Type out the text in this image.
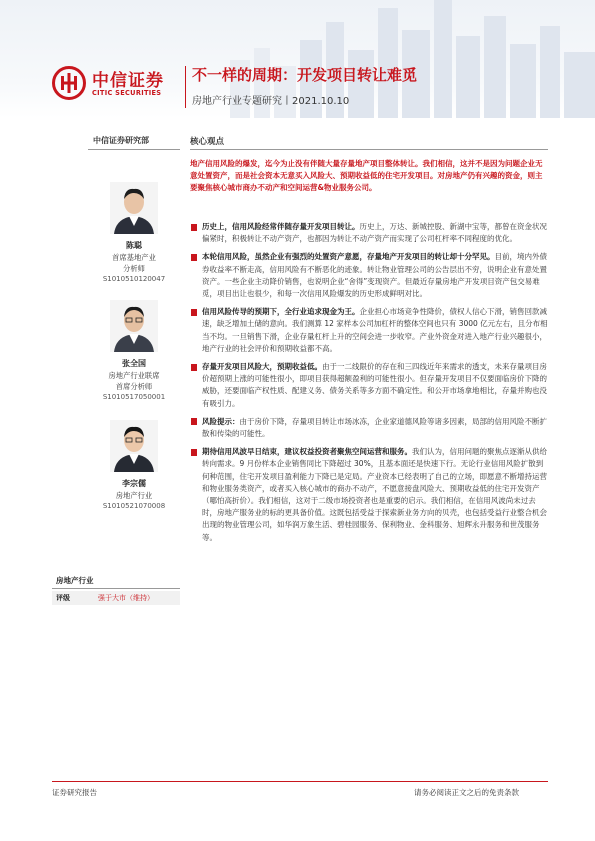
中信证券
CITIC SECURITIES
不一样的周期：开发项目转让难觅
房地产行业专题研究丨2021.10.10
中信证券研究部
陈聪
首席基地产业
分析师
S1010510120047
张全国
房地产行业联席
首席分析师
S1010517050001
李宗儒
房地产行业
S1010521070008
房地产行业
评级	强于大市（维持）
核心观点
地产信用风险的爆发，迄今为止没有伴随大量存量地产项目整体转让。我们相信，这并不是因为问题企业无意处置资产，而是社会资本无意买入风险大、预期收益低的住宅开发项目。对房地产仍有兴趣的资金，则主要聚焦核心城市商办不动产和空间运营&物业服务公司。
历史上，信用风险经常伴随存量开发项目转让。历史上，万达、新城控股、新湖中宝等，都曾在资金状况偏紧时，积极转让不动产资产，也都因为转让不动产资产而实现了公司杠杆率不同程度的优化。
本轮信用风险，虽然企业有强烈的处置资产意愿，存量地产开发项目的转让却十分罕见。目前，境内外债券收益率不断走高，信用风险有不断恶化的迹象。转让物业管理公司的公告层出不穷，说明企业有意处置资产。一些企业主动降价销售，也说明企业“舍得”变现资产。但最近存量房地产开发项目资产包交易难觅，项目出让也很少，和每一次信用风险爆发的历史形成鲜明对比。
信用风险传导的预期下，全行业追求现金为王。企业担心市场竞争性降价，债权人信心下滑，销售回款减速，缺乏增加土储的意向。我们测算 12 家样本公司加杠杆的整体空间也只有 3000 亿元左右，且分布相当不均。一旦销售下滑，企业存量杠杆上升的空间会进一步收窄。产业外资金对进入地产行业兴趣很小，地产行业的社会评价和预期收益都不高。
存量开发项目风险大，预期收益低。由于一二线限价的存在和三四线近年来需求的透支，未来存量项目房价超预期上涨的可能性很小，即项目获得超额盈利的可能性很小。但存量开发项目不仅要面临房价下降的威胁，还要面临产权性质、配建义务、债务关系等多方面不确定性。和公开市场拿地相比，存量并购也没有吸引力。
风险提示：由于房价下降，存量项目转让市场冰冻，企业家道德风险等诸多因素，局部的信用风险不断扩散和传染的可能性。
期待信用风波早日结束，建议权益投资者聚焦空间运营和服务。我们认为，信用问题的聚焦点逐渐从供给转向需求。9 月份样本企业销售同比下降超过 30%，且基本面还是快速下行。无论行业信用风险扩散到何种范围，住宅开发项目盈利能力下降已是定局。产业资本已经表明了自己的立场，即愿意不断增持运营和物业服务类资产，或者买入核心城市的商办不动产，不愿意接盘风险大、预期收益低的住宅开发资产（哪怕高折价）。我们相信，这对于二级市场投资者也是重要的启示。我们相信，在信用风波尚未过去时，房地产服务业的标的更具备价值。这既包括受益于探索新业务方向的贝壳，也包括受益行业整合机会出现的物业管理公司，如华润万象生活、碧桂园服务、保利物业、金科服务、旭辉永升服务和世茂服务等。
证券研究报告	请务必阅读正文之后的免责条款
